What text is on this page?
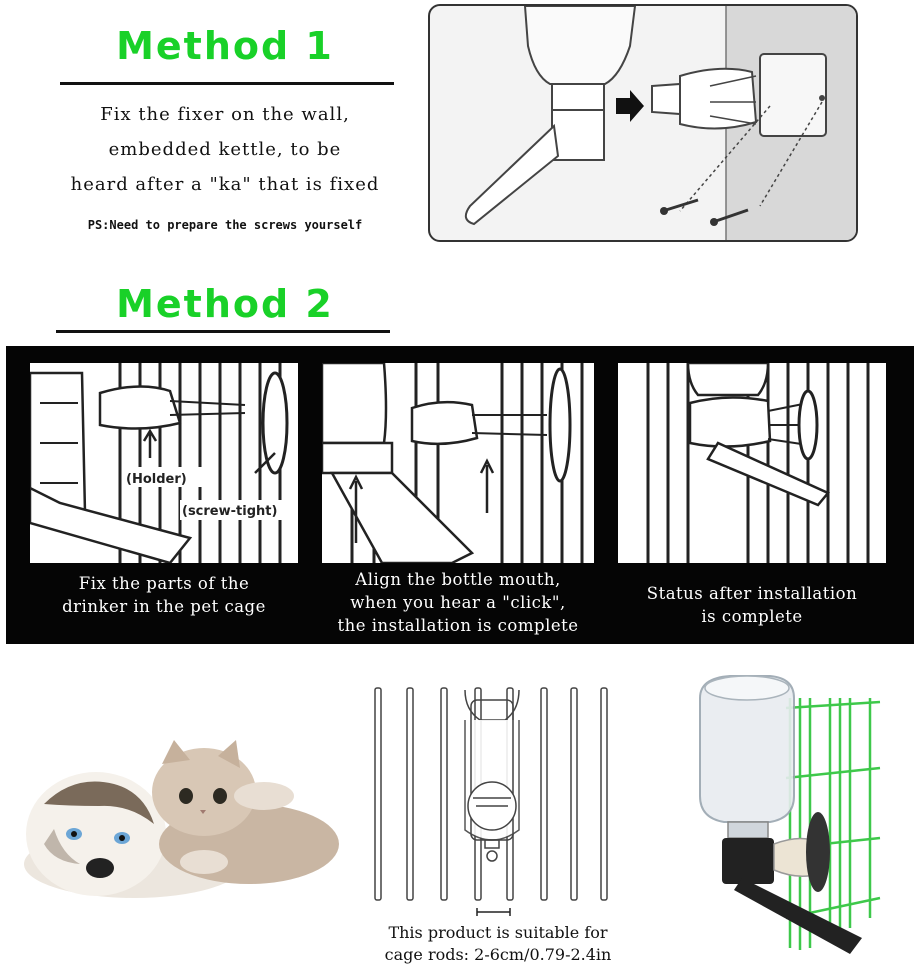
Method 1
Fix the fixer on the wall,
embedded kettle, to be
heard after a "ka" that is fixed
PS:Need to prepare the screws yourself
Method 2
(Holder)
(screw-tight)
Fix the parts of the
drinker in the pet cage
Align the bottle mouth,
when you hear a "click",
the installation is complete
Status after installation
is complete
This product is suitable for
cage rods: 2-6cm/0.79-2.4in
